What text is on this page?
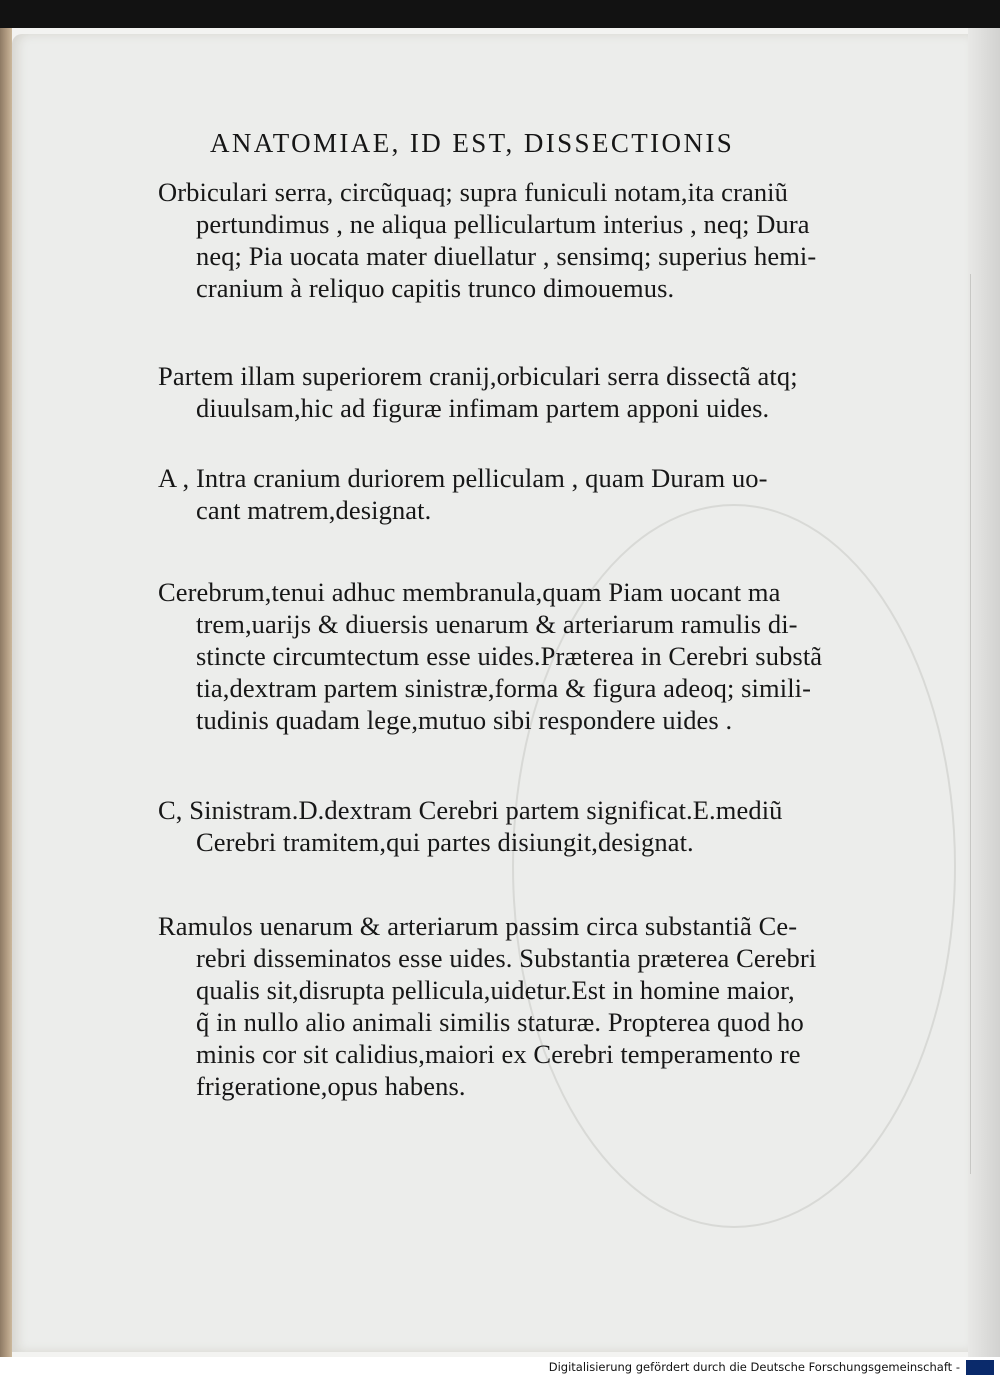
ANATOMIAE, ID EST, DISSECTIONIS

Orbiculari serra, circũquaq; supra funiculi notam,ita craniũ
pertundimus , ne aliqua pelliculartum interius , neq; Dura
neq; Pia uocata mater diuellatur , sensimq; superius hemi-
cranium à reliquo capitis trunco dimouemus.

Partem illam superiorem cranij,orbiculari serra dissectã atq;
diuulsam,hic ad figuræ infimam partem apponi uides.

A , Intra cranium duriorem pelliculam , quam Duram uo-
cant matrem,designat.

Cerebrum,tenui adhuc membranula,quam Piam uocant ma
trem,uarijs & diuersis uenarum & arteriarum ramulis di-
stincte circumtectum esse uides.Præterea in Cerebri substã
tia,dextram partem sinistræ,forma & figura adeoq; simili-
tudinis quadam lege,mutuo sibi respondere uides .

C, Sinistram.D.dextram Cerebri partem significat.E.mediũ
Cerebri tramitem,qui partes disiungit,designat.

Ramulos uenarum & arteriarum passim circa substantiã Ce-
rebri disseminatos esse uides. Substantia præterea Cerebri
qualis sit,disrupta pellicula,uidetur.Est in homine maior,
q̃ in nullo alio animali similis staturæ. Propterea quod ho
minis cor sit calidius,maiori ex Cerebri temperamento re
frigeratione,opus habens.

Digitalisierung gefördert durch die Deutsche Forschungsgemeinschaft -
